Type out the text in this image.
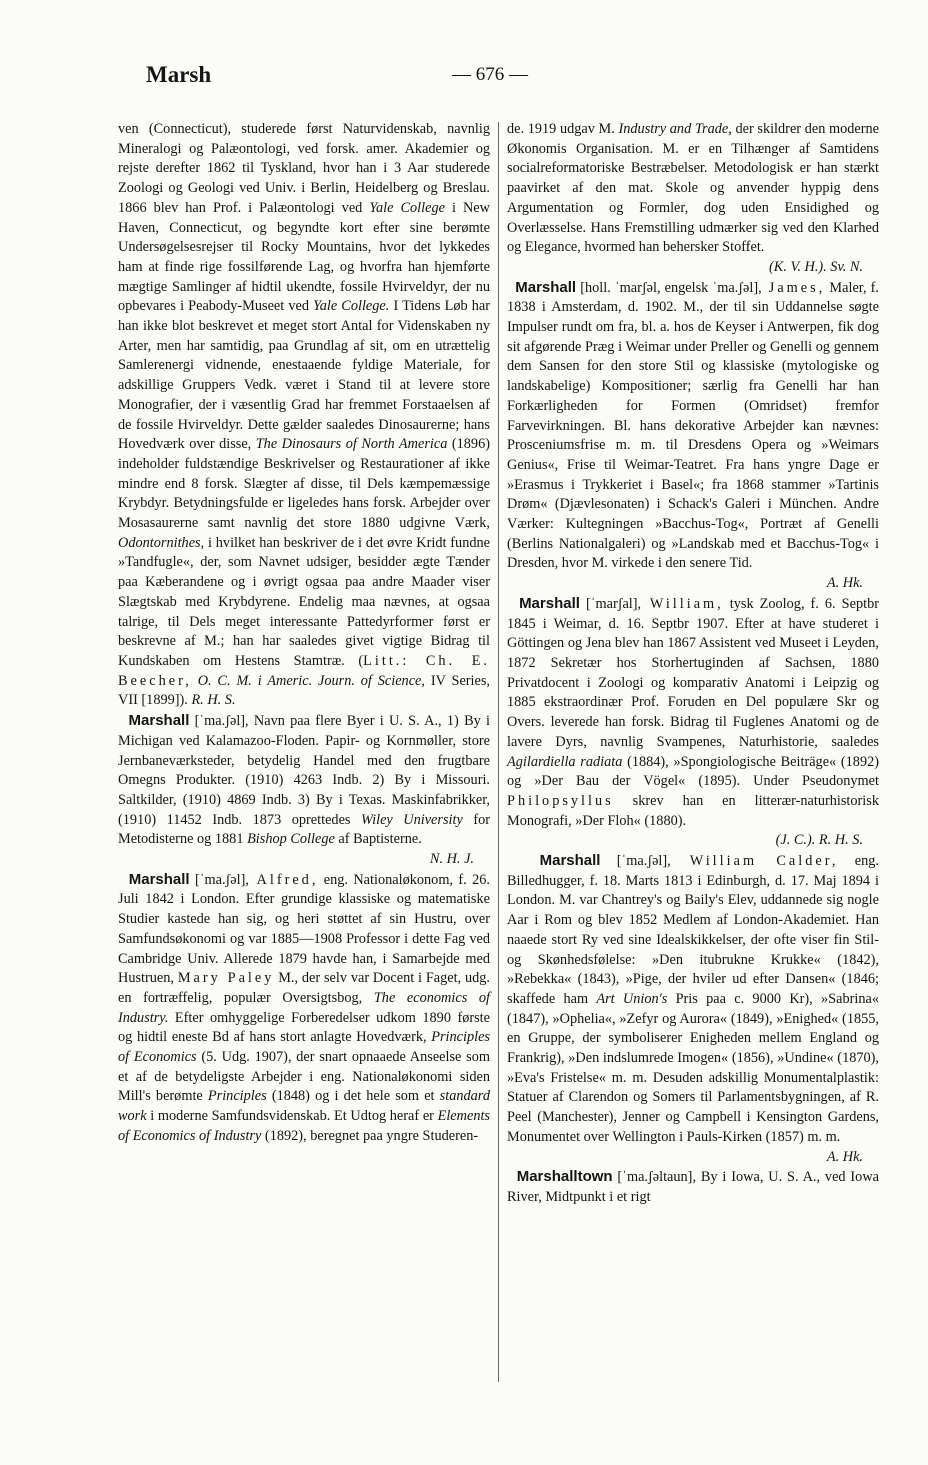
Marsh	— 676 —

ven (Connecticut), studerede først Naturvidenskab, navnlig Mineralogi og Palæontologi, ved forsk. amer. Akademier og rejste derefter 1862 til Tyskland, hvor han i 3 Aar studerede Zoologi og Geologi ved Univ. i Berlin, Heidelberg og Breslau. 1866 blev han Prof. i Palæontologi ved Yale College i New Haven, Connecticut, og begyndte kort efter sine berømte Undersøgelsesrejser til Rocky Mountains, hvor det lykkedes ham at finde rige fossilførende Lag, og hvorfra han hjemførte mægtige Samlinger af hidtil ukendte, fossile Hvirveldyr, der nu opbevares i Peabody-Museet ved Yale College. I Tidens Løb har han ikke blot beskrevet et meget stort Antal for Videnskaben ny Arter, men har samtidig, paa Grundlag af sit, om en utrættelig Samlerenergi vidnende, enestaaende fyldige Materiale, for adskillige Gruppers Vedk. været i Stand til at levere store Monografier, der i væsentlig Grad har fremmet Forstaaelsen af de fossile Hvirveldyr. Dette gælder saaledes Dinosaurerne; hans Hovedværk over disse, The Dinosaurs of North America (1896) indeholder fuldstændige Beskrivelser og Restaurationer af ikke mindre end 8 forsk. Slægter af disse, til Dels kæmpemæssige Krybdyr. Betydningsfulde er ligeledes hans forsk. Arbejder over Mosasaurerne samt navnlig det store 1880 udgivne Værk, Odontornithes, i hvilket han beskriver de i det øvre Kridt fundne »Tandfugle«, der, som Navnet udsiger, besidder ægte Tænder paa Kæberandene og i øvrigt ogsaa paa andre Maader viser Slægtskab med Krybdyrene. Endelig maa nævnes, at ogsaa talrige, til Dels meget interessante Pattedyrformer først er beskrevne af M.; han har saaledes givet vigtige Bidrag til Kundskaben om Hestens Stamtræ. (Litt.: Ch. E. Beecher, O. C. M. i Americ. Journ. of Science, IV Series, VII [1899]). R. H. S.

Marshall [ˈma.ʃəl], Navn paa flere Byer i U. S. A., 1) By i Michigan ved Kalamazoo-Floden. Papir- og Kornmøller, store Jernbaneværksteder, betydelig Handel med den frugtbare Omegns Produkter. (1910) 4263 Indb. 2) By i Missouri. Saltkilder, (1910) 4869 Indb. 3) By i Texas. Maskinfabrikker, (1910) 11452 Indb. 1873 oprettedes Wiley University for Metodisterne og 1881 Bishop College af Baptisterne.
N. H. J.

Marshall [ˈma.ʃəl], Alfred, eng. Nationaløkonom, f. 26. Juli 1842 i London. Efter grundige klassiske og matematiske Studier kastede han sig, og heri støttet af sin Hustru, over Samfundsøkonomi og var 1885—1908 Professor i dette Fag ved Cambridge Univ. Allerede 1879 havde han, i Samarbejde med Hustruen, Mary Paley M., der selv var Docent i Faget, udg. en fortræffelig, populær Oversigtsbog, The economics of Industry. Efter omhyggelige Forberedelser udkom 1890 første og hidtil eneste Bd af hans stort anlagte Hovedværk, Principles of Economics (5. Udg. 1907), der snart opnaaede Anseelse som et af de betydeligste Arbejder i eng. Nationaløkonomi siden Mill's berømte Principles (1848) og i det hele som et standard work i moderne Samfundsvidenskab. Et Udtog heraf er Elements of Economics of Industry (1892), beregnet paa yngre Studeren-

de. 1919 udgav M. Industry and Trade, der skildrer den moderne Økonomis Organisation. M. er en Tilhænger af Samtidens socialreformatoriske Bestræbelser. Metodologisk er han stærkt paavirket af den mat. Skole og anvender hyppig dens Argumentation og Formler, dog uden Ensidighed og Overlæsselse. Hans Fremstilling udmærker sig ved den Klarhed og Elegance, hvormed han behersker Stoffet.
(K. V. H.). Sv. N.

Marshall [holl. ˈmarʃəl, engelsk ˈma.ʃəl], James, Maler, f. 1838 i Amsterdam, d. 1902. M., der til sin Uddannelse søgte Impulser rundt om fra, bl. a. hos de Keyser i Antwerpen, fik dog sit afgørende Præg i Weimar under Preller og Genelli og gennem dem Sansen for den store Stil og klassiske (mytologiske og landskabelige) Kompositioner; særlig fra Genelli har han Forkærligheden for Formen (Omridset) fremfor Farvevirkningen. Bl. hans dekorative Arbejder kan nævnes: Prosceniumsfrise m. m. til Dresdens Opera og »Weimars Genius«, Frise til Weimar-Teatret. Fra hans yngre Dage er »Erasmus i Trykkeriet i Basel«; fra 1868 stammer »Tartinis Drøm« (Djævlesonaten) i Schack's Galeri i München. Andre Værker: Kultegningen »Bacchus-Tog«, Portræt af Genelli (Berlins Nationalgaleri) og »Landskab med et Bacchus-Tog« i Dresden, hvor M. virkede i den senere Tid.
A. Hk.

Marshall [ˈmarʃal], William, tysk Zoolog, f. 6. Septbr 1845 i Weimar, d. 16. Septbr 1907. Efter at have studeret i Göttingen og Jena blev han 1867 Assistent ved Museet i Leyden, 1872 Sekretær hos Storhertuginden af Sachsen, 1880 Privatdocent i Zoologi og komparativ Anatomi i Leipzig og 1885 ekstraordinær Prof. Foruden en Del populære Skr og Overs. leverede han forsk. Bidrag til Fuglenes Anatomi og de lavere Dyrs, navnlig Svampenes, Naturhistorie, saaledes Agilardiella radiata (1884), »Spongiologische Beiträge« (1892) og »Der Bau der Vögel« (1895). Under Pseudonymet Philopsyllus skrev han en litterær-naturhistorisk Monografi, »Der Floh« (1880).
(J. C.). R. H. S.

Marshall [ˈma.ʃəl], William Calder, eng. Billedhugger, f. 18. Marts 1813 i Edinburgh, d. 17. Maj 1894 i London. M. var Chantrey's og Baily's Elev, uddannede sig nogle Aar i Rom og blev 1852 Medlem af London-Akademiet. Han naaede stort Ry ved sine Idealskikkelser, der ofte viser fin Stil- og Skønhedsfølelse: »Den itubrukne Krukke« (1842), »Rebekka« (1843), »Pige, der hviler ud efter Dansen« (1846; skaffede ham Art Union's Pris paa c. 9000 Kr), »Sabrina« (1847), »Ophelia«, »Zefyr og Aurora« (1849), »Enighed« (1855, en Gruppe, der symboliserer Enigheden mellem England og Frankrig), »Den indslumrede Imogen« (1856), »Undine« (1870), »Eva's Fristelse« m. m. Desuden adskillig Monumentalplastik: Statuer af Clarendon og Somers til Parlamentsbygningen, af R. Peel (Manchester), Jenner og Campbell i Kensington Gardens, Monumentet over Wellington i Pauls-Kirken (1857) m. m.
A. Hk.

Marshalltown [ˈma.ʃəltaun], By i Iowa, U. S. A., ved Iowa River, Midtpunkt i et rigt
